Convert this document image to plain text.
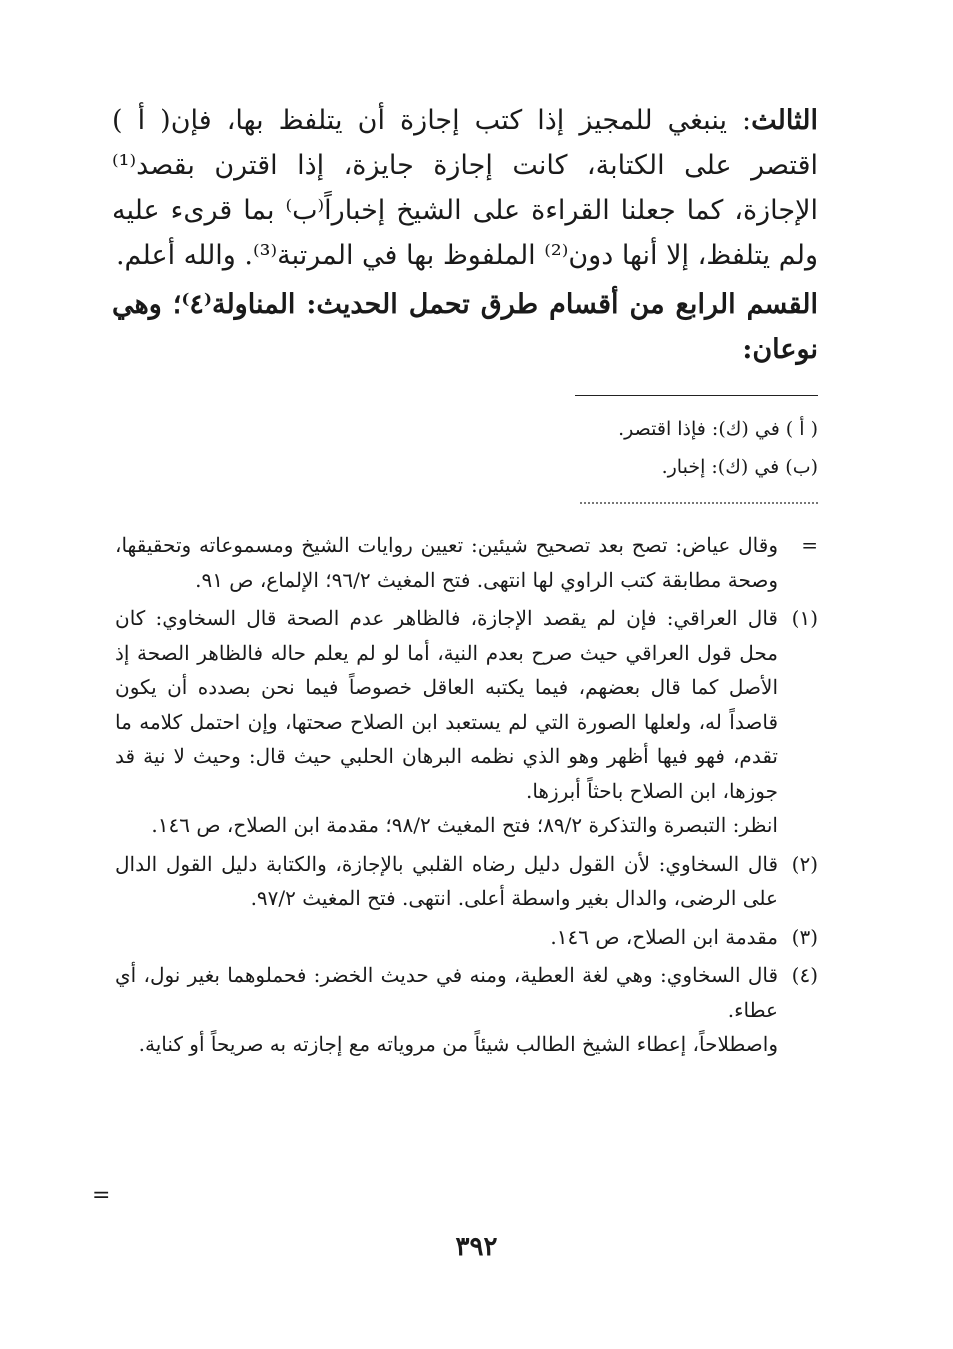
الثالث: ينبغي للمجيز إذا كتب إجازة أن يتلفظ بها، فإن( أ ) اقتصر على الكتابة، كانت إجازة جايزة، إذا اقترن بقصد⁽¹⁾ الإجازة، كما جعلنا القراءة على الشيخ إخباراً⁽ب⁾ بما قرىء عليه ولم يتلفظ، إلا أنها دون⁽²⁾ الملفوظ بها في المرتبة⁽³⁾. والله أعلم.

القسم الرابع من أقسام طرق تحمل الحديث: المناولة⁽٤⁾؛ وهي نوعان:

( أ ) في (ك): فإذا اقتصر.
(ب) في (ك): إخبار.
=

وقال عياض: تصح بعد تصحيح شيئين: تعيين روايات الشيخ ومسموعاته وتحقيقها، وصحة مطابقة كتب الراوي لها انتهى. فتح المغيث ٩٦/٢؛ الإلماع، ص ٩١.

(١)

قال العراقي: فإن لم يقصد الإجازة، فالظاهر عدم الصحة قال السخاوي: كان محل قول العراقي حيث صرح بعدم النية، أما لو لم يعلم حاله فالظاهر الصحة إذ الأصل كما قال بعضهم، فيما يكتبه العاقل خصوصاً فيما نحن بصدده أن يكون قاصداً له، ولعلها الصورة التي لم يستعبد ابن الصلاح صحتها، وإن احتمل كلامه ما تقدم، فهو فيها أظهر وهو الذي نظمه البرهان الحلبي حيث قال: وحيث لا نية قد جوزها، ابن الصلاح باحثاً أبرزها.

انظر: التبصرة والتذكرة ٨٩/٢؛ فتح المغيث ٩٨/٢؛ مقدمة ابن الصلاح، ص ١٤٦.

(٢)

قال السخاوي: لأن القول دليل رضاه القلبي بالإجازة، والكتابة دليل القول الدال على الرضى، والدال بغير واسطة أعلى. انتهى. فتح المغيث ٩٧/٢.

(٣)

مقدمة ابن الصلاح، ص ١٤٦.

(٤)

قال السخاوي: وهي لغة العطية، ومنه في حديث الخضر: فحملوهما بغير نول، أي عطاء.

واصطلاحاً، إعطاء الشيخ الطالب شيئاً من مروياته مع إجازته به صريحاً أو كناية.

=
٣٩٢
